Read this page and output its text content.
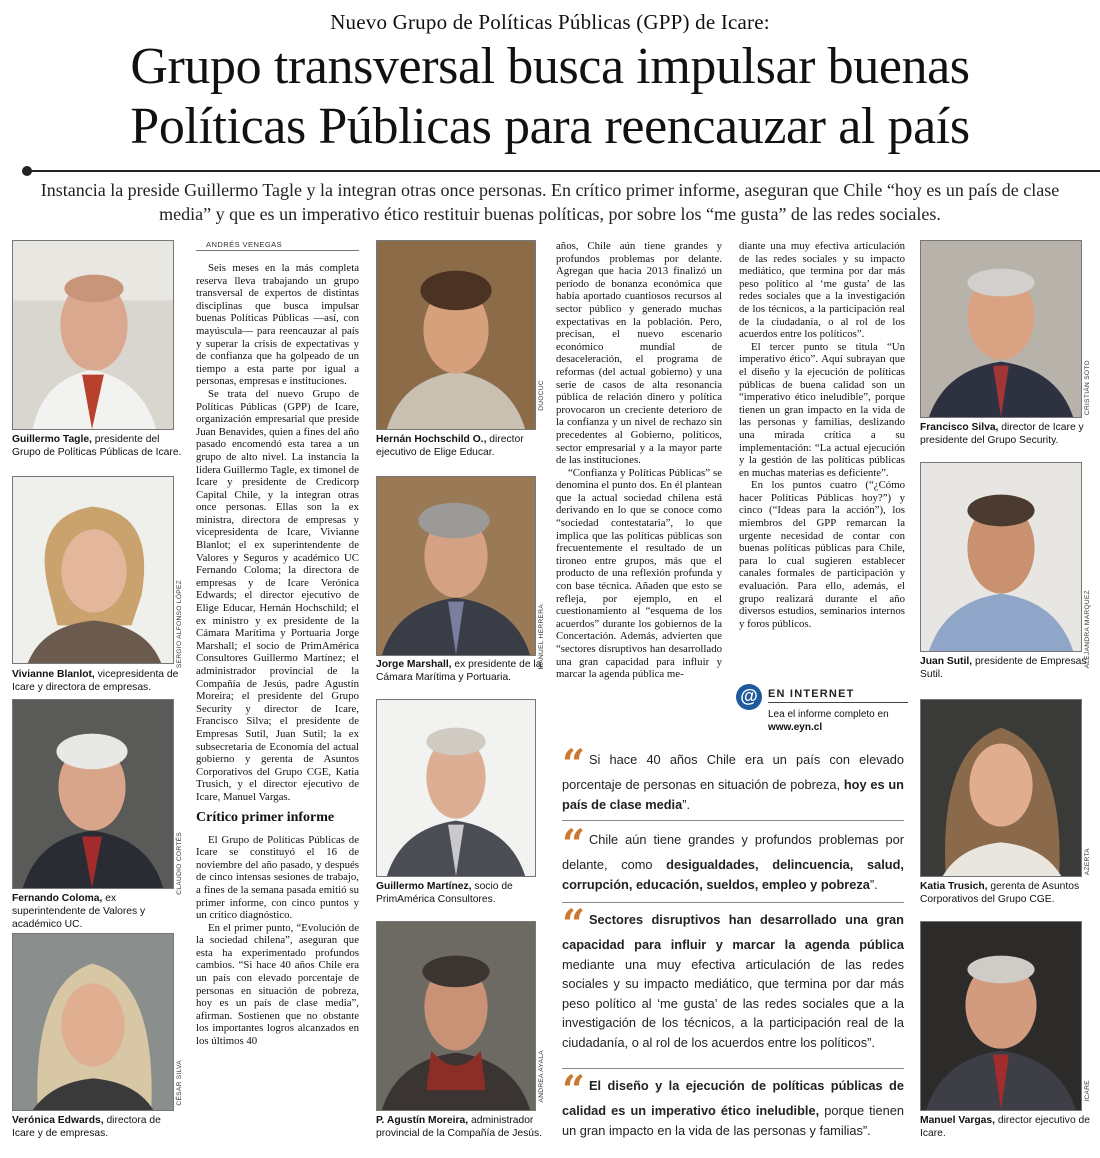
Nuevo Grupo de Políticas Públicas (GPP) de Icare:
Grupo transversal busca impulsar buenas
Políticas Públicas para reencauzar al país
Instancia la preside Guillermo Tagle y la integran otras once personas. En crítico primer informe, aseguran que Chile “hoy es un país de clase media” y que es un imperativo ético restituir buenas políticas, por sobre los “me gusta” de las redes sociales.
Guillermo Tagle, presidente del Grupo de Políticas Públicas de Icare.
SERGIO ALFONSO LÓPEZ
Vivianne Blanlot, vicepresidenta de Icare y directora de empresas.
CLAUDIO CORTÉS
Fernando Coloma, ex superintendente de Valores y académico UC.
CÉSAR SILVA
Verónica Edwards, directora de Icare y de empresas.
ANDRÉS VENEGAS

Seis meses en la más completa reserva lleva trabajando un grupo transversal de expertos de distintas disciplinas que busca impulsar buenas Políticas Públicas —así, con mayúscula— para reencauzar al país y superar la crisis de expectativas y de confianza que ha golpeado de un tiempo a esta parte por igual a personas, empresas e instituciones.

Se trata del nuevo Grupo de Políticas Públicas (GPP) de Icare, organización empresarial que preside Juan Benavides, quien a fines del año pasado encomendó esta tarea a un grupo de alto nivel. La instancia la lidera Guillermo Tagle, ex timonel de Icare y presidente de Credicorp Capital Chile, y la integran otras once personas. Ellas son la ex ministra, directora de empresas y vicepresidenta de Icare, Vivianne Blanlot; el ex superintendente de Valores y Seguros y académico UC Fernando Coloma; la directora de empresas y de Icare Verónica Edwards; el director ejecutivo de Elige Educar, Hernán Hochschild; el ex ministro y ex presidente de la Cámara Marítima y Portuaria Jorge Marshall; el socio de PrimAmérica Consultores Guillermo Martínez; el administrador provincial de la Compañía de Jesús, padre Agustín Moreira; el presidente del Grupo Security y director de Icare, Francisco Silva; el presidente de Empresas Sutil, Juan Sutil; la ex subsecretaria de Economía del actual gobierno y gerenta de Asuntos Corporativos del Grupo CGE, Katia Trusich, y el director ejecutivo de Icare, Manuel Vargas.

Crítico primer informe

El Grupo de Políticas Públicas de Icare se constituyó el 16 de noviembre del año pasado, y después de cinco intensas sesiones de trabajo, a fines de la semana pasada emitió su primer informe, con cinco puntos y un crítico diagnóstico.

En el primer punto, “Evolución de la sociedad chilena”, aseguran que esta ha experimentado profundos cambios. “Si hace 40 años Chile era un país con elevado porcentaje de personas en situación de pobreza, hoy es un país de clase media”, afirman. Sostienen que no obstante los importantes logros alcanzados en los últimos 40

DUOCUC
Hernán Hochschild O., director ejecutivo de Elige Educar.
MANUEL HERRERA
Jorge Marshall, ex presidente de la Cámara Marítima y Portuaria.
Guillermo Martínez, socio de PrimAmérica Consultores.
ANDREA AYALA
P. Agustín Moreira, administrador provincial de la Compañía de Jesús.

años, Chile aún tiene grandes y profundos problemas por delante. Agregan que hacia 2013 finalizó un período de bonanza económica que había aportado cuantiosos recursos al sector público y generado muchas expectativas en la población. Pero, precisan, el nuevo escenario económico mundial de desaceleración, el programa de reformas (del actual gobierno) y una serie de casos de alta resonancia pública de relación dinero y política provocaron un creciente deterioro de la confianza y un nivel de rechazo sin precedentes al Gobierno, políticos, sector empresarial y a la mayor parte de las instituciones.

“Confianza y Políticas Públicas” se denomina el punto dos. En él plantean que la actual sociedad chilena está derivando en lo que se conoce como “sociedad contestataria”, lo que implica que las políticas públicas son frecuentemente el resultado de un tironeo entre grupos, más que el producto de una reflexión profunda y con base técnica. Añaden que esto se refleja, por ejemplo, en el cuestionamiento al “esquema de los acuerdos” durante los gobiernos de la Concertación. Además, advierten que “sectores disruptivos han desarrollado una gran capacidad para influir y marcar la agenda pública me-

diante una muy efectiva articulación de las redes sociales y su impacto mediático, que termina por dar más peso político al ‘me gusta’ de las redes sociales que a la investigación de los técnicos, a la participación real de la ciudadanía, o al rol de los acuerdos entre los políticos”.

El tercer punto se titula “Un imperativo ético”. Aquí subrayan que el diseño y la ejecución de políticas públicas de buena calidad son un “imperativo ético ineludible”, porque tienen un gran impacto en la vida de las personas y familias, deslizando una mirada crítica a su implementación: “La actual ejecución y la gestión de las políticas públicas en muchas materias es deficiente”.

En los puntos cuatro (“¿Cómo hacer Políticas Públicas hoy?”) y cinco (“Ideas para la acción”), los miembros del GPP remarcan la urgente necesidad de contar con buenas políticas públicas para Chile, para lo cual sugieren establecer canales formales de participación y evaluación. Para ello, además, el grupo realizará durante el año diversos estudios, seminarios internos y foros públicos.

@ EN INTERNET
Lea el informe completo en
www.eyn.cl
“ Si hace 40 años Chile era un país con elevado porcentaje de personas en situación de pobreza, hoy es un país de clase media”.
“ Chile aún tiene grandes y profundos problemas por delante, como desigualdades, delincuencia, salud, corrupción, educación, sueldos, empleo y pobreza”.
“ Sectores disruptivos han desarrollado una gran capacidad para influir y marcar la agenda pública mediante una muy efectiva articulación de las redes sociales y su impacto mediático, que termina por dar más peso político al ‘me gusta’ de las redes sociales que a la investigación de los técnicos, a la participación real de la ciudadanía, o al rol de los acuerdos entre los políticos”.
“ El diseño y la ejecución de políticas públicas de calidad es un imperativo ético ineludible, porque tienen un gran impacto en la vida de las personas y familias”.
CRISTIÁN SOTO
Francisco Silva, director de Icare y presidente del Grupo Security.
ALEJANDRA MARQUEZ
Juan Sutil, presidente de Empresas Sutil.
AZERTA
Katia Trusich, gerenta de Asuntos Corporativos del Grupo CGE.
ICARE
Manuel Vargas, director ejecutivo de Icare.
